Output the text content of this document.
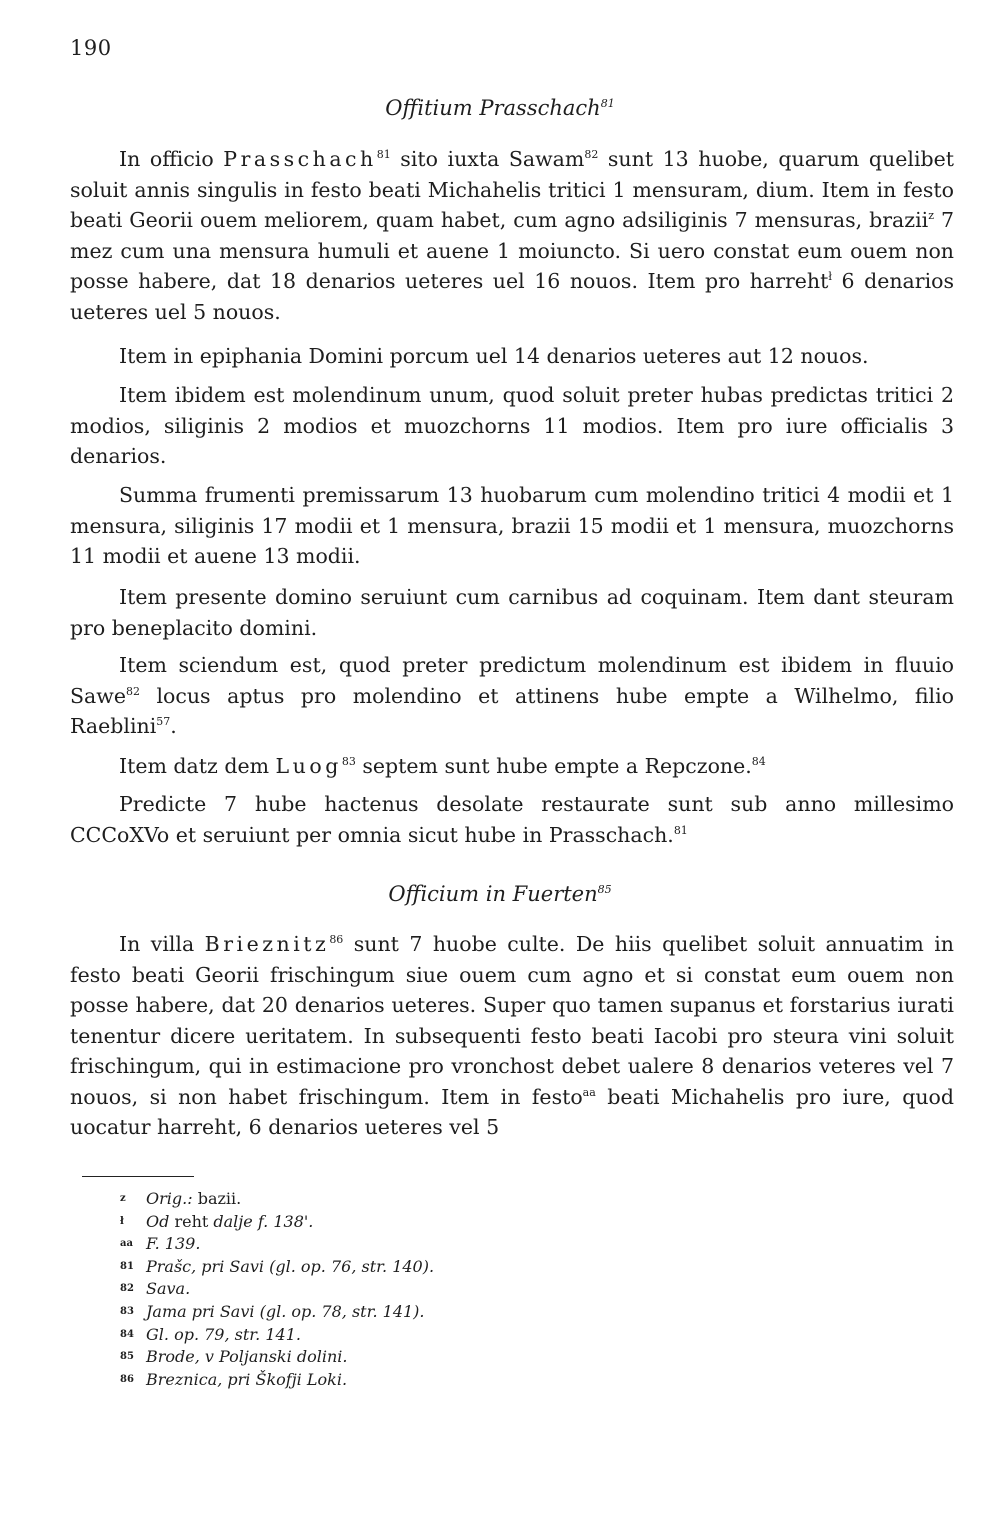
190
Offitium Prasschach$^{81}$

In officio Prasschach$^{81}$ sito iuxta Sawam$^{82}$ sunt 13 huobe, quarum quelibet soluit annis singulis in festo beati Michahelis tritici 1 mensuram, dium. Item in festo beati Georii ouem meliorem, quam habet, cum agno adsiliginis 7 mensuras, brazii$^z$ 7 mez cum una mensura humuli et auene 1 moiuncto. Si uero constat eum ouem non posse habere, dat 18 denarios ueteres uel 16 nouos. Item pro harreht$^ł$ 6 denarios ueteres uel 5 nouos.

Item in epiphania Domini porcum uel 14 denarios ueteres aut 12 nouos.

Item ibidem est molendinum unum, quod soluit preter hubas predictas tritici 2 modios, siliginis 2 modios et muozchorns 11 modios. Item pro iure officialis 3 denarios.

Summa frumenti premissarum 13 huobarum cum molendino tritici 4 modii et 1 mensura, siliginis 17 modii et 1 mensura, brazii 15 modii et 1 mensura, muozchorns 11 modii et auene 13 modii.

Item presente domino seruiunt cum carnibus ad coquinam. Item dant steuram pro beneplacito domini.

Item sciendum est, quod preter predictum molendinum est ibidem in fluuio Sawe$^{82}$ locus aptus pro molendino et attinens hube empte a Wilhelmo, filio Raeblini$^{57}$.

Item datz dem Luog$^{83}$ septem sunt hube empte a Repczone.$^{84}$

Predicte 7 hube hactenus desolate restaurate sunt sub anno millesimo CCCoXVo et seruiunt per omnia sicut hube in Prasschach.$^{81}$

Officium in Fuerten$^{85}$

In villa Brieznitz$^{86}$ sunt 7 huobe culte. De hiis quelibet soluit annuatim in festo beati Georii frischingum siue ouem cum agno et si constat eum ouem non posse habere, dat 20 denarios ueteres. Super quo tamen supanus et forstarius iurati tenentur dicere ueritatem. In subsequenti festo beati Iacobi pro steura vini soluit frischingum, qui in estimacione pro vronchost debet ualere 8 denarios veteres vel 7 nouos, si non habet frischingum. Item in festo$^{aa}$ beati Michahelis pro iure, quod uocatur harreht, 6 denarios ueteres vel 5

z Orig.: bazii.
ł Od reht dalje f. 138'.
aa F. 139.
81 Prašc, pri Savi (gl. op. 76, str. 140).
82 Sava.
83 Jama pri Savi (gl. op. 78, str. 141).
84 Gl. op. 79, str. 141.
85 Brode, v Poljanski dolini.
86 Breznica, pri Škofji Loki.
